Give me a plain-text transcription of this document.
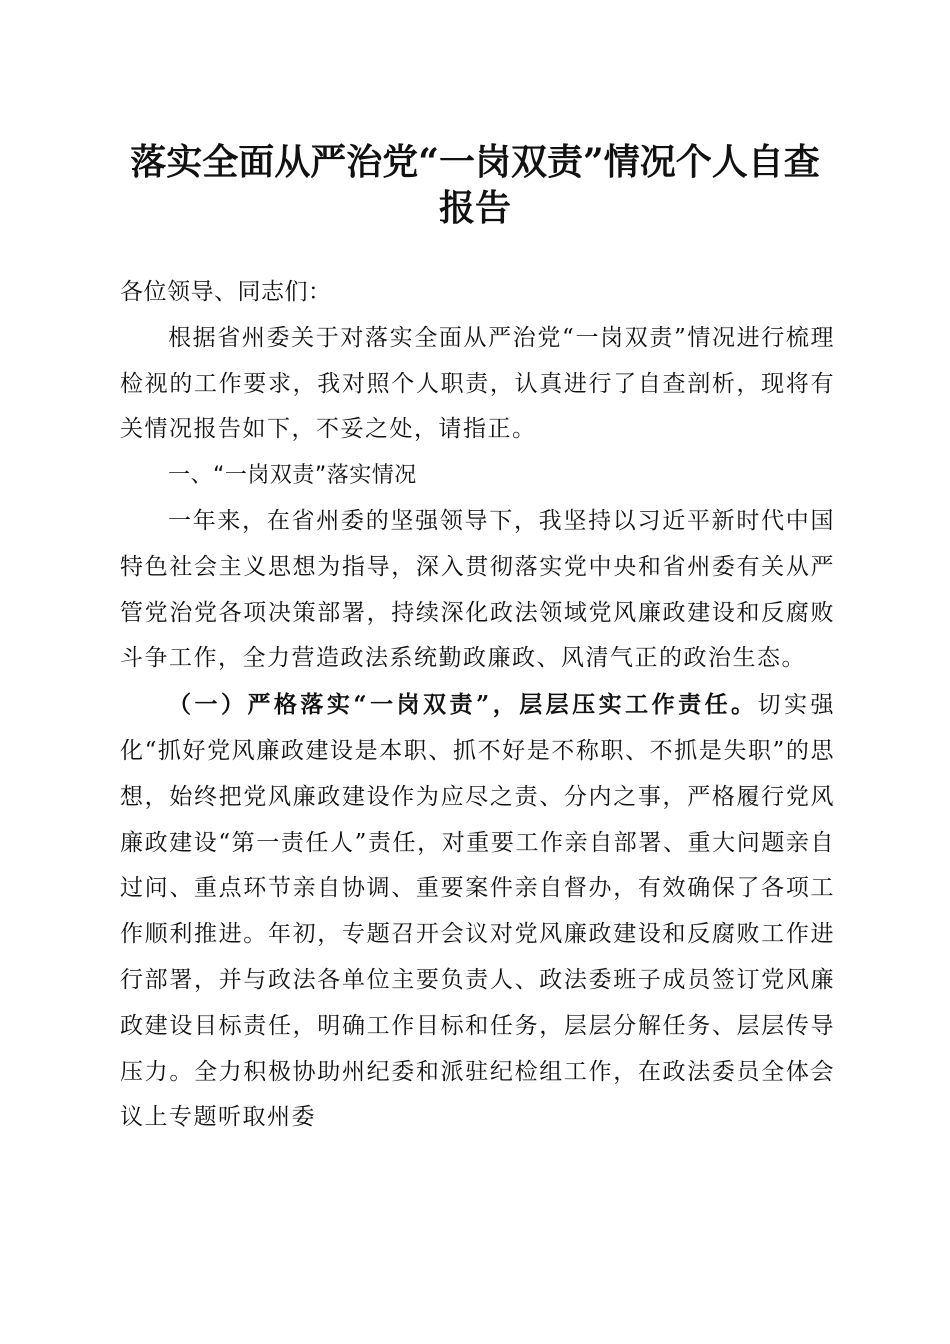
落实全面从严治党“一岗双责”情况个人自查
报告

各位领导、同志们：

根据省州委关于对落实全面从严治党“一岗双责”情况进行梳理检视的工作要求，我对照个人职责，认真进行了自查剖析，现将有关情况报告如下，不妥之处，请指正。

一、“一岗双责”落实情况

一年来，在省州委的坚强领导下，我坚持以习近平新时代中国特色社会主义思想为指导，深入贯彻落实党中央和省州委有关从严管党治党各项决策部署，持续深化政法领域党风廉政建设和反腐败斗争工作，全力营造政法系统勤政廉政、风清气正的政治生态。

（一）严格落实“一岗双责”，层层压实工作责任。切实强化“抓好党风廉政建设是本职、抓不好是不称职、不抓是失职”的思想，始终把党风廉政建设作为应尽之责、分内之事，严格履行党风廉政建设“第一责任人”责任，对重要工作亲自部署、重大问题亲自过问、重点环节亲自协调、重要案件亲自督办，有效确保了各项工作顺利推进。年初，专题召开会议对党风廉政建设和反腐败工作进行部署，并与政法各单位主要负责人、政法委班子成员签订党风廉政建设目标责任，明确工作目标和任务，层层分解任务、层层传导压力。全力积极协助州纪委和派驻纪检组工作，在政法委员全体会议上专题听取州委
